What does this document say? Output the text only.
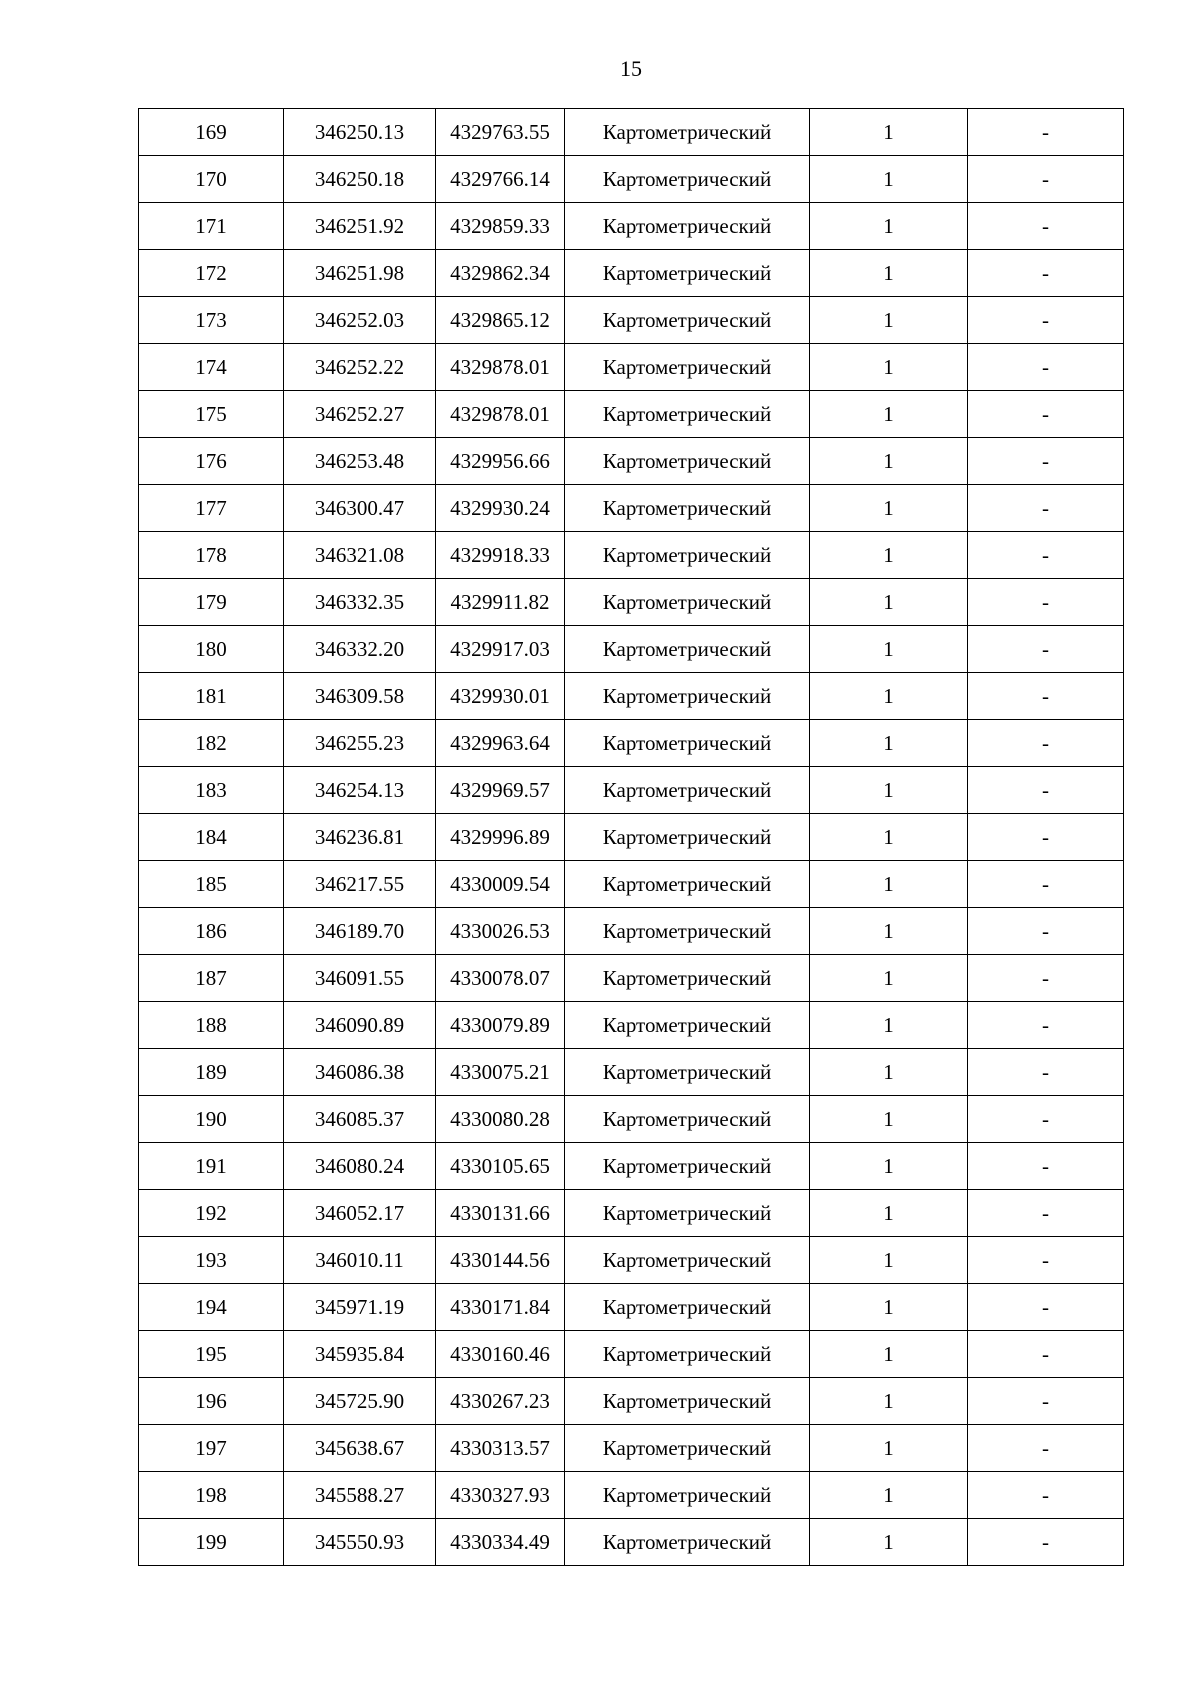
15
169	346250.13	4329763.55	Картометрический	1	-
170	346250.18	4329766.14	Картометрический	1	-
171	346251.92	4329859.33	Картометрический	1	-
172	346251.98	4329862.34	Картометрический	1	-
173	346252.03	4329865.12	Картометрический	1	-
174	346252.22	4329878.01	Картометрический	1	-
175	346252.27	4329878.01	Картометрический	1	-
176	346253.48	4329956.66	Картометрический	1	-
177	346300.47	4329930.24	Картометрический	1	-
178	346321.08	4329918.33	Картометрический	1	-
179	346332.35	4329911.82	Картометрический	1	-
180	346332.20	4329917.03	Картометрический	1	-
181	346309.58	4329930.01	Картометрический	1	-
182	346255.23	4329963.64	Картометрический	1	-
183	346254.13	4329969.57	Картометрический	1	-
184	346236.81	4329996.89	Картометрический	1	-
185	346217.55	4330009.54	Картометрический	1	-
186	346189.70	4330026.53	Картометрический	1	-
187	346091.55	4330078.07	Картометрический	1	-
188	346090.89	4330079.89	Картометрический	1	-
189	346086.38	4330075.21	Картометрический	1	-
190	346085.37	4330080.28	Картометрический	1	-
191	346080.24	4330105.65	Картометрический	1	-
192	346052.17	4330131.66	Картометрический	1	-
193	346010.11	4330144.56	Картометрический	1	-
194	345971.19	4330171.84	Картометрический	1	-
195	345935.84	4330160.46	Картометрический	1	-
196	345725.90	4330267.23	Картометрический	1	-
197	345638.67	4330313.57	Картометрический	1	-
198	345588.27	4330327.93	Картометрический	1	-
199	345550.93	4330334.49	Картометрический	1	-
